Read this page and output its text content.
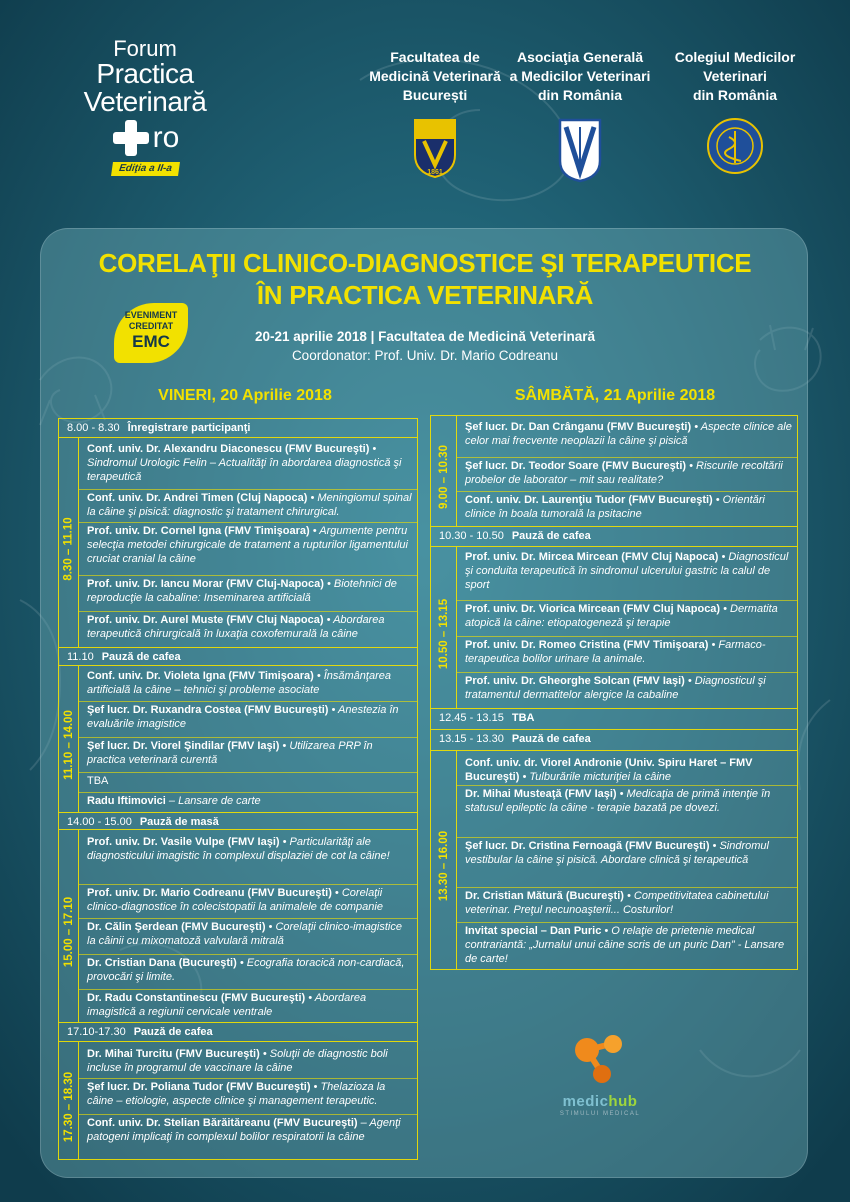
Forum
Practica
Veterinară
ro
Ediţia a II-a
Facultatea de
Medicină Veterinară
București
1861
Asociaţia Generală
a Medicilor Veterinari
din România
Colegiul Medicilor
Veterinari
din România
CORELAŢII CLINICO-DIAGNOSTICE ŞI TERAPEUTICE
ÎN PRACTICA VETERINARĂ
EVENIMENT
CREDITAT
EMC	20-21 aprilie 2018 | Facultatea de Medicină Veterinară
Coordonator: Prof. Univ. Dr. Mario Codreanu
VINERI, 20 Aprilie 2018	SÂMBĂTĂ, 21 Aprilie 2018
8.00 - 8.30 Înregistrare participanţi
8.30 – 11.10
Conf. univ. Dr. Alexandru Diaconescu (FMV Bucureşti) • Sindromul Urologic Felin – Actualităţi în abordarea diagnostică şi terapeutică
Conf. univ. Dr. Andrei Timen (Cluj Napoca) • Meningiomul spinal la câine şi pisică: diagnostic şi tratament chirurgical.
Prof. univ. Dr. Cornel Igna (FMV Timişoara) • Argumente pentru selecţia metodei chirurgicale de tratament a rupturilor ligamentului cruciat cranial la câine
Prof. univ. Dr. Iancu Morar (FMV Cluj-Napoca) • Biotehnici de reproducţie la cabaline: Inseminarea artificială
Prof. univ. Dr. Aurel Muste (FMV Cluj Napoca) • Abordarea terapeutică chirurgicală în luxaţia coxofemurală la câine
11.10 Pauză de cafea
11.10 – 14.00
Conf. univ. Dr. Violeta Igna (FMV Timişoara) • Însămânţarea artificială la câine – tehnici şi probleme asociate
Şef lucr. Dr. Ruxandra Costea (FMV Bucureşti) • Anestezia în evaluările imagistice
Şef lucr. Dr. Viorel Şindilar (FMV Iaşi) • Utilizarea PRP în practica veterinară curentă
TBA
Radu Iftimovici – Lansare de carte
14.00 - 15.00 Pauză de masă
15.00 – 17.10
Prof. univ. Dr. Vasile Vulpe (FMV Iaşi) • Particularităţi ale diagnosticului imagistic în complexul displaziei de cot la câine!
Prof. univ. Dr. Mario Codreanu (FMV Bucureşti) • Corelaţii clinico-diagnostice în colecistopatii la animalele de companie
Dr. Călin Şerdean (FMV Bucureşti) • Corelaţii clinico-imagistice la câinii cu mixomatoză valvulară mitrală
Dr. Cristian Dana (Bucureşti) • Ecografia toracică non-cardiacă, provocări şi limite.
Dr. Radu Constantinescu (FMV Bucureşti) • Abordarea imagistică a regiunii cervicale ventrale
17.10-17.30 Pauză de cafea
17.30 – 18.30
Dr. Mihai Turcitu (FMV Bucureşti) • Soluţii de diagnostic boli incluse în programul de vaccinare la câine
Şef lucr. Dr. Poliana Tudor (FMV Bucureşti) • Thelazioza la câine – etiologie, aspecte clinice şi management terapeutic.
Conf. univ. Dr. Stelian Bărăităreanu (FMV Bucureşti) – Agenţi patogeni implicaţi în complexul bolilor respiratorii la câine
9.00 – 10.30
Şef lucr. Dr. Dan Crânganu (FMV Bucureşti) • Aspecte clinice ale celor mai frecvente neoplazii la câine şi pisică
Şef lucr. Dr. Teodor Soare (FMV Bucureşti) • Riscurile recoltării probelor de laborator – mit sau realitate?
Conf. univ. Dr. Laurenţiu Tudor (FMV Bucureşti) • Orientări clinice în boala tumorală la psitacine
10.30 - 10.50 Pauză de cafea
10.50 – 13.15
Prof. univ. Dr. Mircea Mircean (FMV Cluj Napoca) • Diagnosticul şi conduita terapeutică în sindromul ulcerului gastric la calul de sport
Prof. univ. Dr. Viorica Mircean (FMV Cluj Napoca) • Dermatita atopică la câine: etiopatogeneză şi terapie
Prof. univ. Dr. Romeo Cristina (FMV Timişoara) • Farmaco-terapeutica bolilor urinare la animale.
Prof. univ. Dr. Gheorghe Solcan (FMV Iaşi) • Diagnosticul şi tratamentul dermatitelor alergice la cabaline
12.45 - 13.15 TBA
13.15 - 13.30 Pauză de cafea
13.30 – 16.00
Conf. univ. dr. Viorel Andronie (Univ. Spiru Haret – FMV Bucureşti) • Tulburările micturiţiei la câine
Dr. Mihai Musteaţă (FMV Iaşi) • Medicaţia de primă intenţie în statusul epileptic la câine - terapie bazată pe dovezi.
Şef lucr. Dr. Cristina Fernoagă (FMV Bucureşti) • Sindromul vestibular la câine şi pisică. Abordare clinică şi terapeutică
Dr. Cristian Mătură (Bucureşti) • Competitivitatea cabinetului veterinar. Preţul necunoaşterii... Costurilor!
Invitat special – Dan Puric • O relaţie de prietenie medical contrariantă: „Jurnalul unui câine scris de un puric Dan” - Lansare de carte!
medichub
STIMULUI MEDICAL
